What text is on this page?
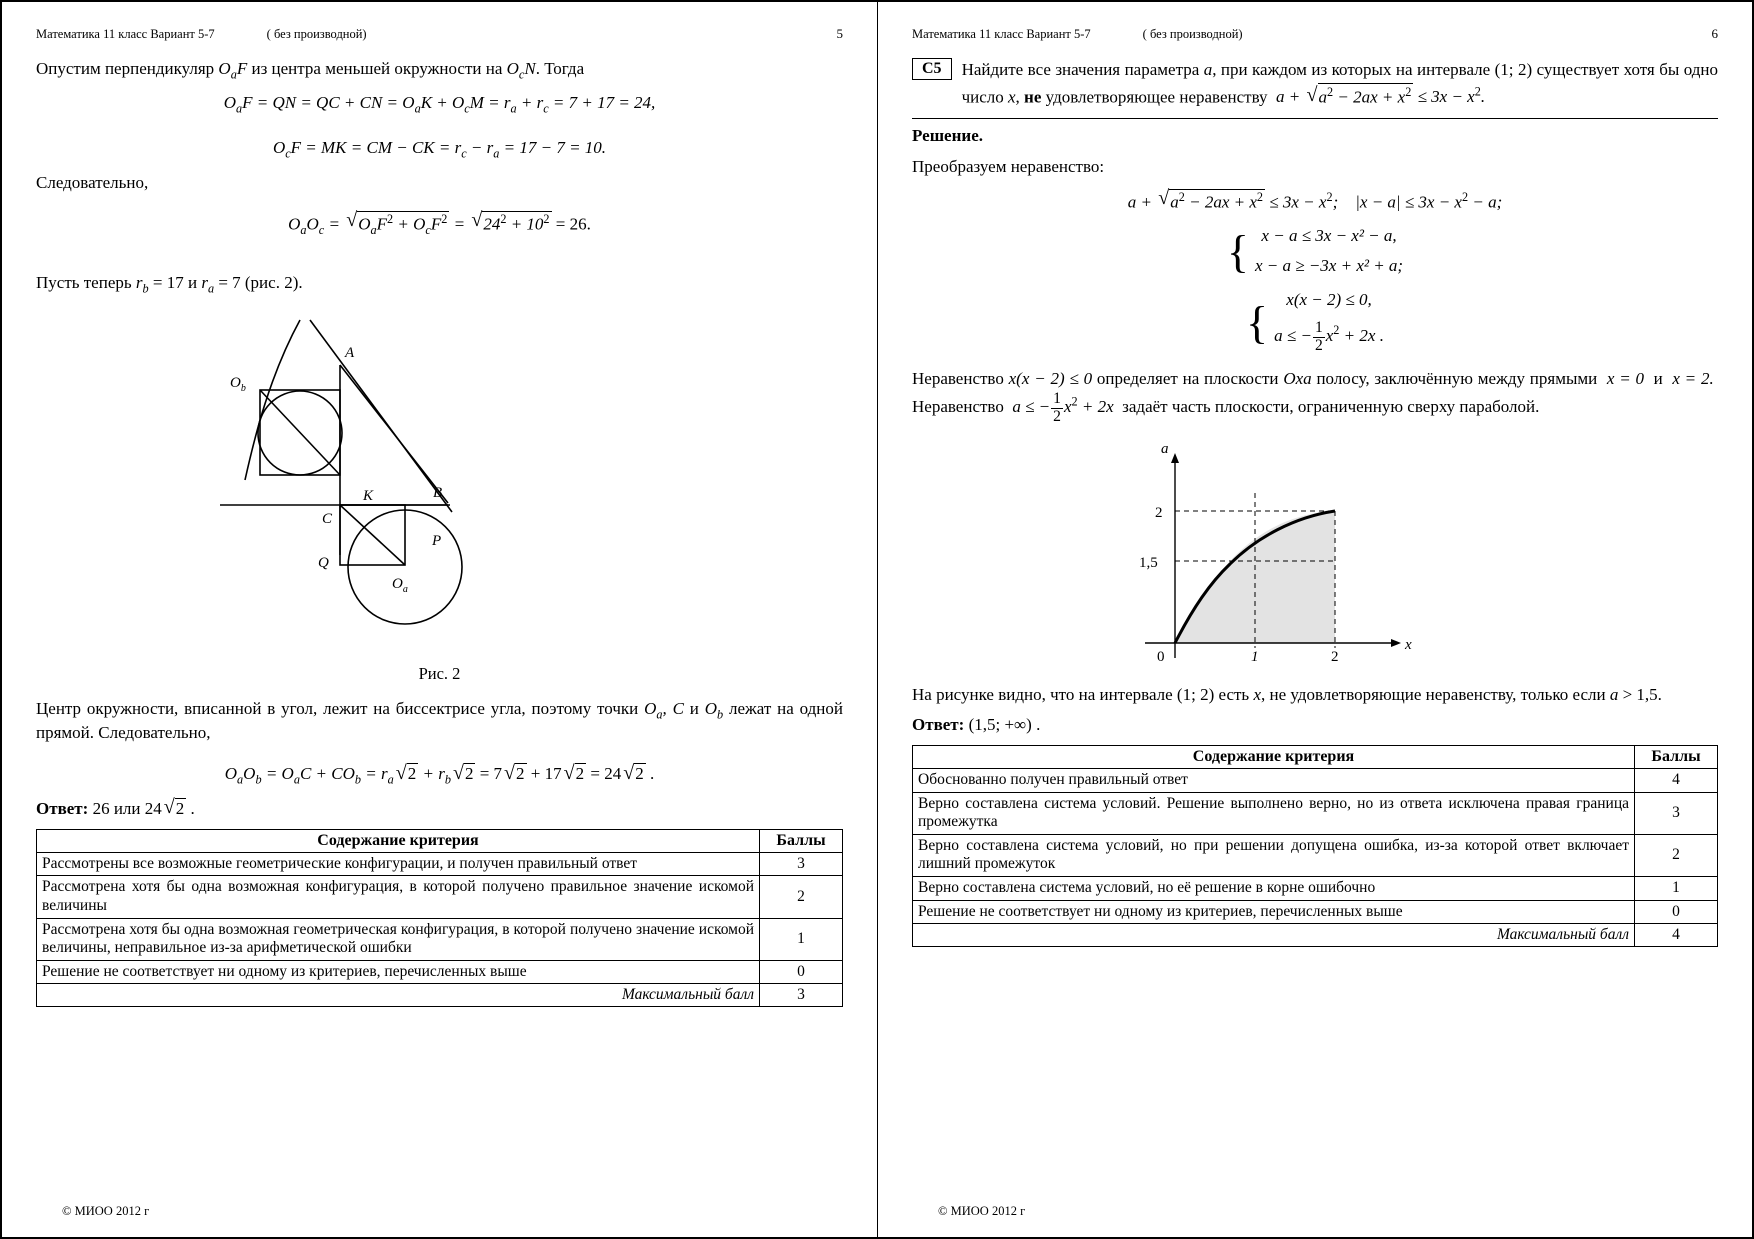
Математика 11 класс Вариант 5-7	( без производной)	5
Опустим перпендикуляр $O_aF$ из центра меньшей окружности на $O_cN$. Тогда
$O_aF$ = QN = QC + CN = $O_aK + O_cM = r_a + r_c = 7 + 17 = 24$,
$O_cF$ = MK = CM − CK = $r_c - r_a = 17 - 7 = 10$.
Следовательно,
$O_aO_c$ = √ $O_aF^2 + O_cF^2$ = √ $24^2 + 10^2 = 26$.
Пусть теперь $r_b = 17$ и $r_a = 7$ (рис. 2).
$O_b$
A
K	B
C
P
Q
$O_a$
Рис. 2
Центр окружности, вписанной в угол, лежит на биссектрисе угла, поэтому точки $O_a$, C и $O_b$ лежат на одной прямой. Следовательно,
$O_aO_b = O_aC + CO_b = r_a$ √ $2 + r_b$ √ 2 = 7 √ 2 + 17 √ 2 = 24 √ 2 .
Ответ: 26 или 24 √ 2 .
Содержание критерия	Баллы
Рассмотрены все возможные геометрические конфигурации, и получен правильный ответ	3
Рассмотрена хотя бы одна возможная конфигурация, в которой получено правильное значение искомой величины	2
Рассмотрена хотя бы одна возможная геометрическая конфигурация, в которой получено значение искомой величины, неправильное из-за арифметической ошибки	1
Решение не соответствует ни одному из критериев, перечисленных выше	0
Максимальный балл	3
© МИОО 2012 г
Математика 11 класс Вариант 5-7	( без производной)	6
C5	Найдите все значения параметра a, при каждом из которых на интервале (1; 2) существует хотя бы одно число x, не удовлетворяющее неравенству  a + √ $a^2 - 2ax + x^2 \le 3x - x^2$.
Решение.
Преобразуем неравенство:
a + √ $a^2 - 2ax + x^2 \le 3x - x^2$;    $|x - a| \le 3x - x^2 - a$;
{ x − a ≤ 3x − x² − a,
x − a ≥ −3x + x² + a;
{	x(x − 2) ≤ 0,
a ≤ − $\frac{1}{2} x^2 + 2x$ .
Неравенство x(x − 2) ≤ 0 определяет на плоскости Oxa полосу, заключённую между прямыми  x = 0  и  x = 2.  Неравенство  a ≤ − $\frac{1}{2} x^2 + 2x$  задаёт часть плоскости, ограниченную сверху параболой.
a
x
0
2
1,5
1	2
На рисунке видно, что на интервале (1; 2) есть x, не удовлетворяющие неравенству, только если a > 1,5.
Ответ: (1,5; +∞) .
Содержание критерия	Баллы
Обоснованно получен правильный ответ	4
Верно составлена система условий. Решение выполнено верно, но из ответа исключена правая граница промежутка	3
Верно составлена система условий, но при решении допущена ошибка, из-за которой ответ включает лишний промежуток	2
Верно составлена система условий, но её решение в корне ошибочно	1
Решение не соответствует ни одному из критериев, перечисленных выше	0
Максимальный балл	4
© МИОО 2012 г
